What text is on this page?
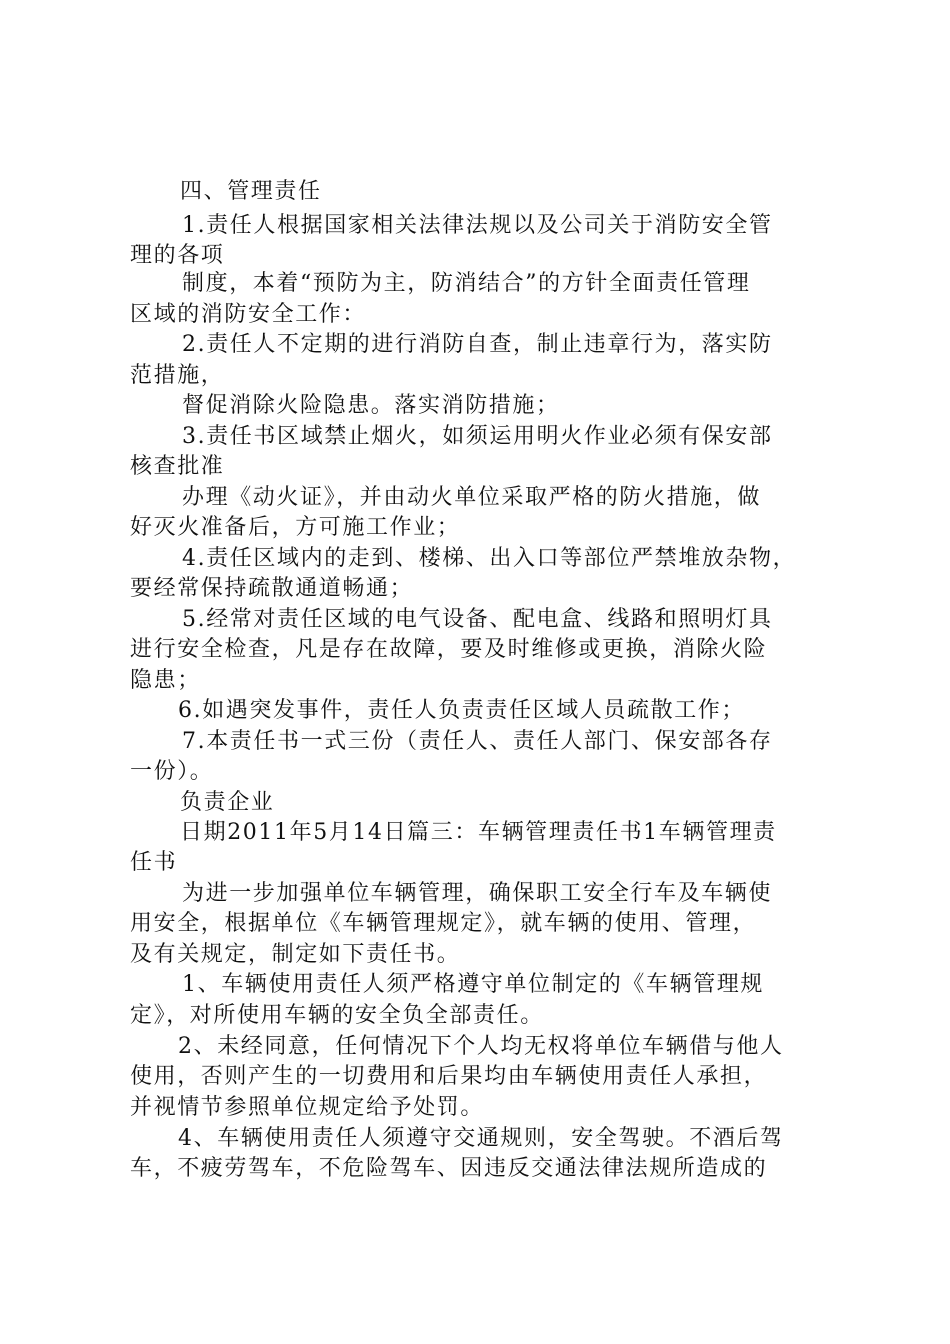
四、管理责任
1.责任人根据国家相关法律法规以及公司关于消防安全管
理的各项
制度，本着“预防为主，防消结合”的方针全面责任管理
区域的消防安全工作：
2.责任人不定期的进行消防自查，制止违章行为，落实防
范措施，
督促消除火险隐患。落实消防措施；
3.责任书区域禁止烟火，如须运用明火作业必须有保安部
核查批准
办理《动火证》，并由动火单位采取严格的防火措施，做
好灭火准备后，方可施工作业；
4.责任区域内的走到、楼梯、出入口等部位严禁堆放杂物，
要经常保持疏散通道畅通；
5.经常对责任区域的电气设备、配电盒、线路和照明灯具
进行安全检查，凡是存在故障，要及时维修或更换，消除火险
隐患；
6.如遇突发事件，责任人负责责任区域人员疏散工作；
7.本责任书一式三份（责任人、责任人部门、保安部各存
一份）。
负责企业
日期2011年5月14日篇三：车辆管理责任书1车辆管理责
任书
为进一步加强单位车辆管理，确保职工安全行车及车辆使
用安全，根据单位《车辆管理规定》，就车辆的使用、管理，
及有关规定，制定如下责任书。
1、车辆使用责任人须严格遵守单位制定的《车辆管理规
定》，对所使用车辆的安全负全部责任。
2、未经同意，任何情况下个人均无权将单位车辆借与他人
使用，否则产生的一切费用和后果均由车辆使用责任人承担，
并视情节参照单位规定给予处罚。
4、车辆使用责任人须遵守交通规则，安全驾驶。不酒后驾
车，不疲劳驾车，不危险驾车、因违反交通法律法规所造成的
